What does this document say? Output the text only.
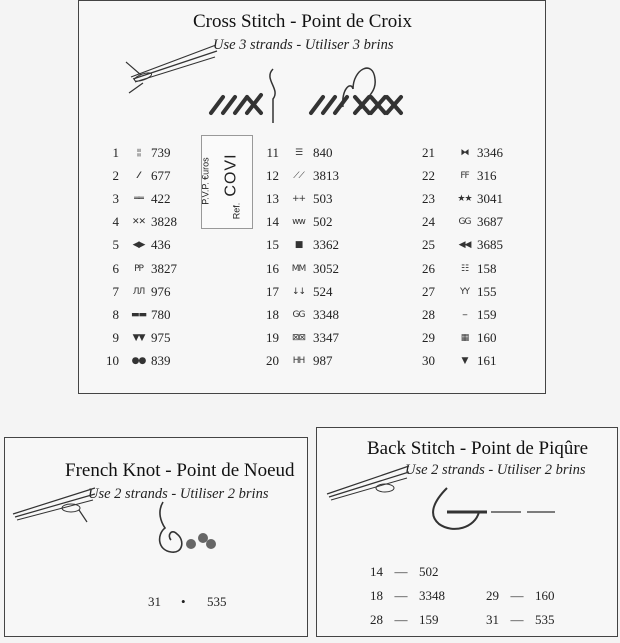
Cross Stitch - Point de Croix
Use 3 strands - Utiliser 3 brins
P.V.P. €uros COVI
Ref.
1	¦¦ 739
2	⁄⁄ 677
3	══ 422
4 ✕✕ 3828
5 ◀▶ 436
6	PP 3827
7 ЛЛ 976
8 ▬▬ 780
9 ▼▼ 975
10 ●● 839
11	☰ 840
12 ⟋⟋ 3813
13 ++ 503
14 ww 502
15	■ 3362
16 MM 3052
17 ↓↓ 524
18 GG 3348
19 ⊠⊠ 3347
20 HH 987
21	⧓ 3346
22	FF 316
23 ★★ 3041
24	GG 3687
25	◀◀ 3685
26	☷ 158
27	YY 155
28	‐‐ 159
29	▦ 160
30	▼ 161
French Knot - Point de Noeud
Use 2 strands - Utiliser 2 brins
31 • 535
Back Stitch - Point de Piqûre
Use 2 strands - Utiliser 2 brins
14 — 502
18 — 3348
28 — 159
29 — 160
31 — 535
